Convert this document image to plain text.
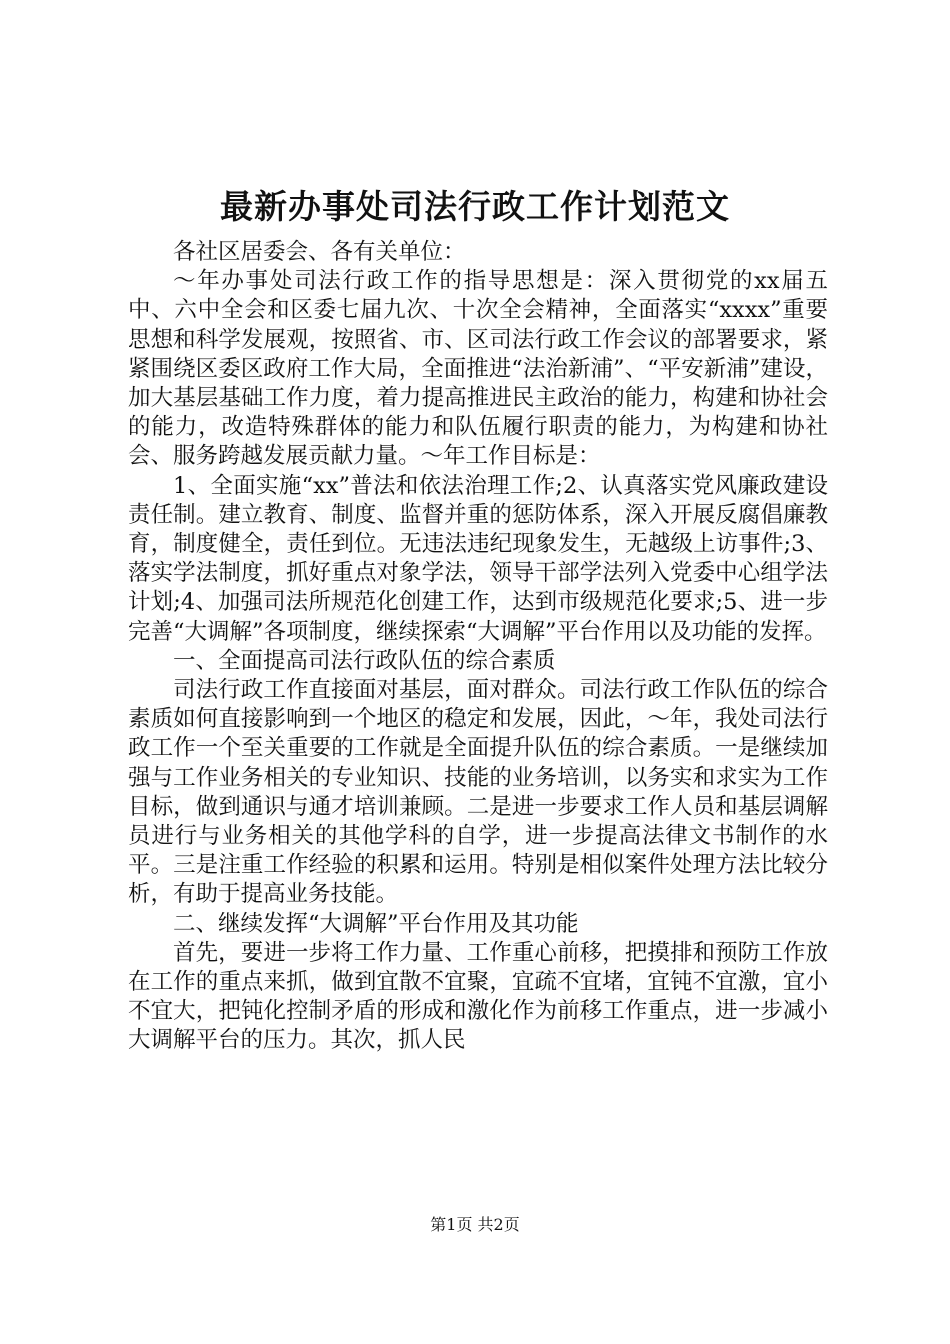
最新办事处司法行政工作计划范文

各社区居委会、各有关单位：

～年办事处司法行政工作的指导思想是：深入贯彻党的xx届五中、六中全会和区委七届九次、十次全会精神，全面落实“xxxx”重要思想和科学发展观，按照省、市、区司法行政工作会议的部署要求，紧紧围绕区委区政府工作大局，全面推进“法治新浦”、“平安新浦”建设，加大基层基础工作力度，着力提高推进民主政治的能力，构建和协社会的能力，改造特殊群体的能力和队伍履行职责的能力，为构建和协社会、服务跨越发展贡献力量。～年工作目标是：

1、全面实施“xx”普法和依法治理工作;2、认真落实党风廉政建设责任制。建立教育、制度、监督并重的惩防体系，深入开展反腐倡廉教育，制度健全，责任到位。无违法违纪现象发生，无越级上访事件;3、落实学法制度，抓好重点对象学法，领导干部学法列入党委中心组学法计划;4、加强司法所规范化创建工作，达到市级规范化要求;5、进一步完善“大调解”各项制度，继续探索“大调解”平台作用以及功能的发挥。

一、全面提高司法行政队伍的综合素质

司法行政工作直接面对基层，面对群众。司法行政工作队伍的综合素质如何直接影响到一个地区的稳定和发展，因此，～年，我处司法行政工作一个至关重要的工作就是全面提升队伍的综合素质。一是继续加强与工作业务相关的专业知识、技能的业务培训，以务实和求实为工作目标，做到通识与通才培训兼顾。二是进一步要求工作人员和基层调解员进行与业务相关的其他学科的自学，进一步提高法律文书制作的水平。三是注重工作经验的积累和运用。特别是相似案件处理方法比较分析，有助于提高业务技能。

二、继续发挥“大调解”平台作用及其功能

首先，要进一步将工作力量、工作重心前移，把摸排和预防工作放在工作的重点来抓，做到宜散不宜聚，宜疏不宜堵，宜钝不宜激，宜小不宜大，把钝化控制矛盾的形成和激化作为前移工作重点，进一步减小大调解平台的压力。其次，抓人民

第1页 共2页
